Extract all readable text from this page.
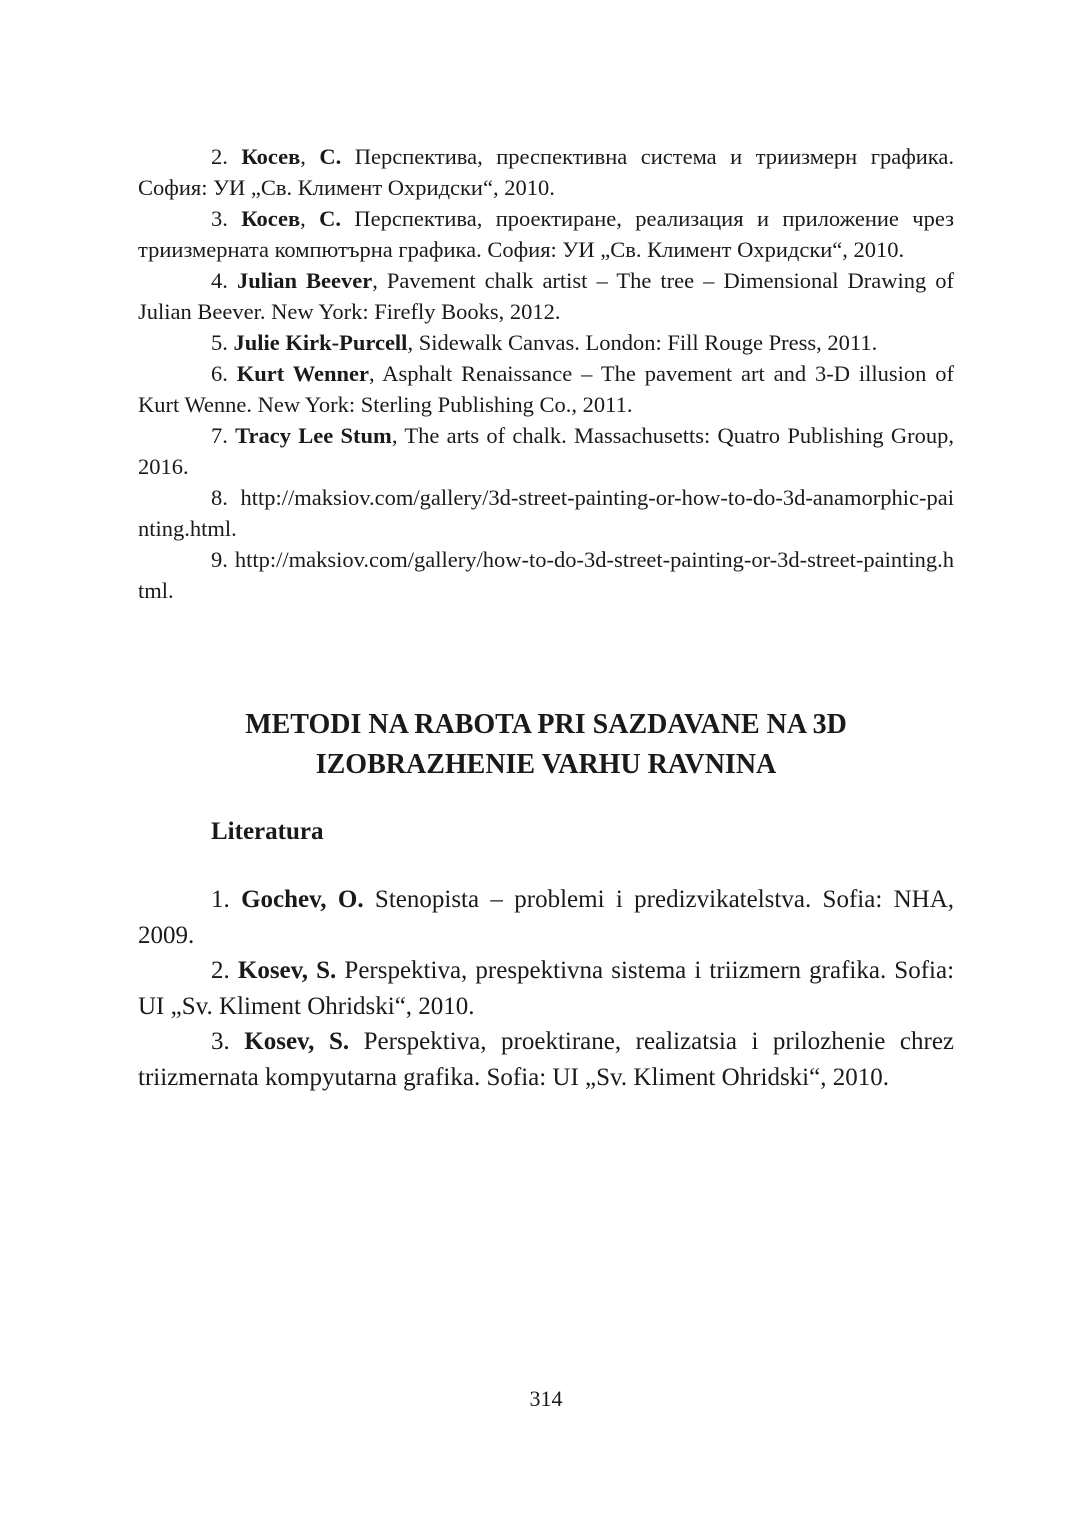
2. Косев, С. Перспектива, преспективна система и триизмерн графика. София: УИ „Св. Климент Охридски“, 2010.

3. Косев, С. Перспектива, проектиране, реализация и приложение чрез триизмерната компютърна графика. София: УИ „Св. Климент Охридски“, 2010.

4. Julian Beever, Pavement chalk artist – The tree – Dimensional Drawing of Julian Beever. New York: Firefly Books, 2012.

5. Julie Kirk-Purcell, Sidewalk Canvas. London: Fill Rouge Press, 2011.

6. Kurt Wenner, Asphalt Renaissance – The pavement art and 3-D illusion of Kurt Wenne. New York: Sterling Publishing Co., 2011.

7. Tracy Lee Stum, The arts of chalk. Massachusetts: Quatro Publishing Group, 2016.

8. http://maksiov.com/gallery/3d-street-painting-or-how-to-do-3d-anamorphic-painting.html.

9. http://maksiov.com/gallery/how-to-do-3d-street-painting-or-3d-street-painting.html.

METODI NA RABOTA PRI SAZDAVANE NA 3D
IZOBRAZHENIE VARHU RAVNINA
Literatura

1. Gochev, O. Stenopista – problemi i predizvikatelstva. Sofia: NHA, 2009.

2. Kosev, S. Perspektiva, prespektivna sistema i triizmern grafika. Sofia: UI „Sv. Kliment Ohridski“, 2010.

3. Kosev, S. Perspektiva, proektirane, realizatsia i prilozhenie chrez triizmernata kompyutarna grafika. Sofia: UI „Sv. Kliment Ohridski“, 2010.

314
